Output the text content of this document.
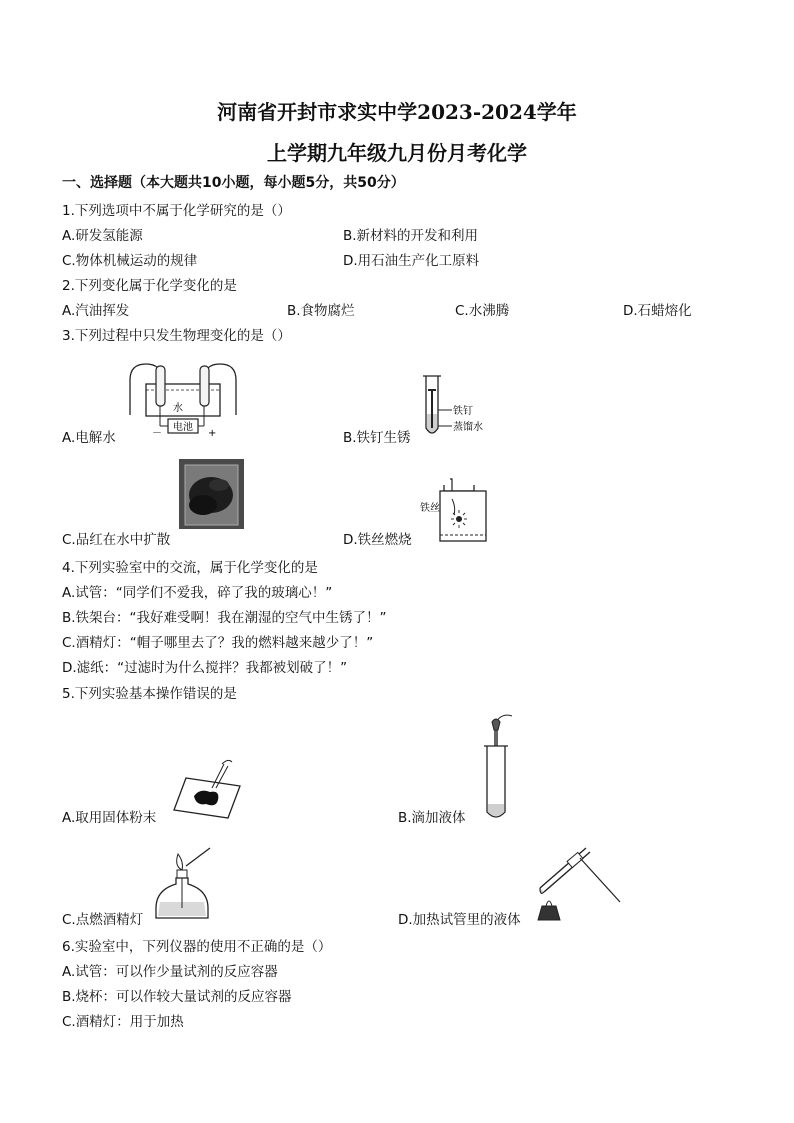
河南省开封市求实中学2023-2024学年
上学期九年级九月份月考化学
一、选择题（本大题共10小题，每小题5分，共50分）
1.下列选项中不属于化学研究的是（）
A.研发氢能源	B.新材料的开发和利用
C.物体机械运动的规律	D.用石油生产化工原料
2.下列变化属于化学变化的是
A.汽油挥发	B.食物腐烂	C.水沸腾	D.石蜡熔化
3.下列过程中只发生物理变化的是（）
电池
水
－	+
A.电解水
铁钉
蒸馏水
B.铁钉生锈
C.品红在水中扩散
铁丝
D.铁丝燃烧
4.下列实验室中的交流，属于化学变化的是
A.试管：“同学们不爱我，碎了我的玻璃心！”
B.铁架台：“我好难受啊！我在潮湿的空气中生锈了！”
C.酒精灯：“帽子哪里去了？我的燃料越来越少了！”
D.滤纸：“过滤时为什么搅拌？我都被划破了！”
5.下列实验基本操作错误的是
A.取用固体粉末	B.滴加液体
C.点燃酒精灯	D.加热试管里的液体
6.实验室中，下列仪器的使用不正确的是（）
A.试管：可以作少量试剂的反应容器
B.烧杯：可以作较大量试剂的反应容器
C.酒精灯：用于加热
